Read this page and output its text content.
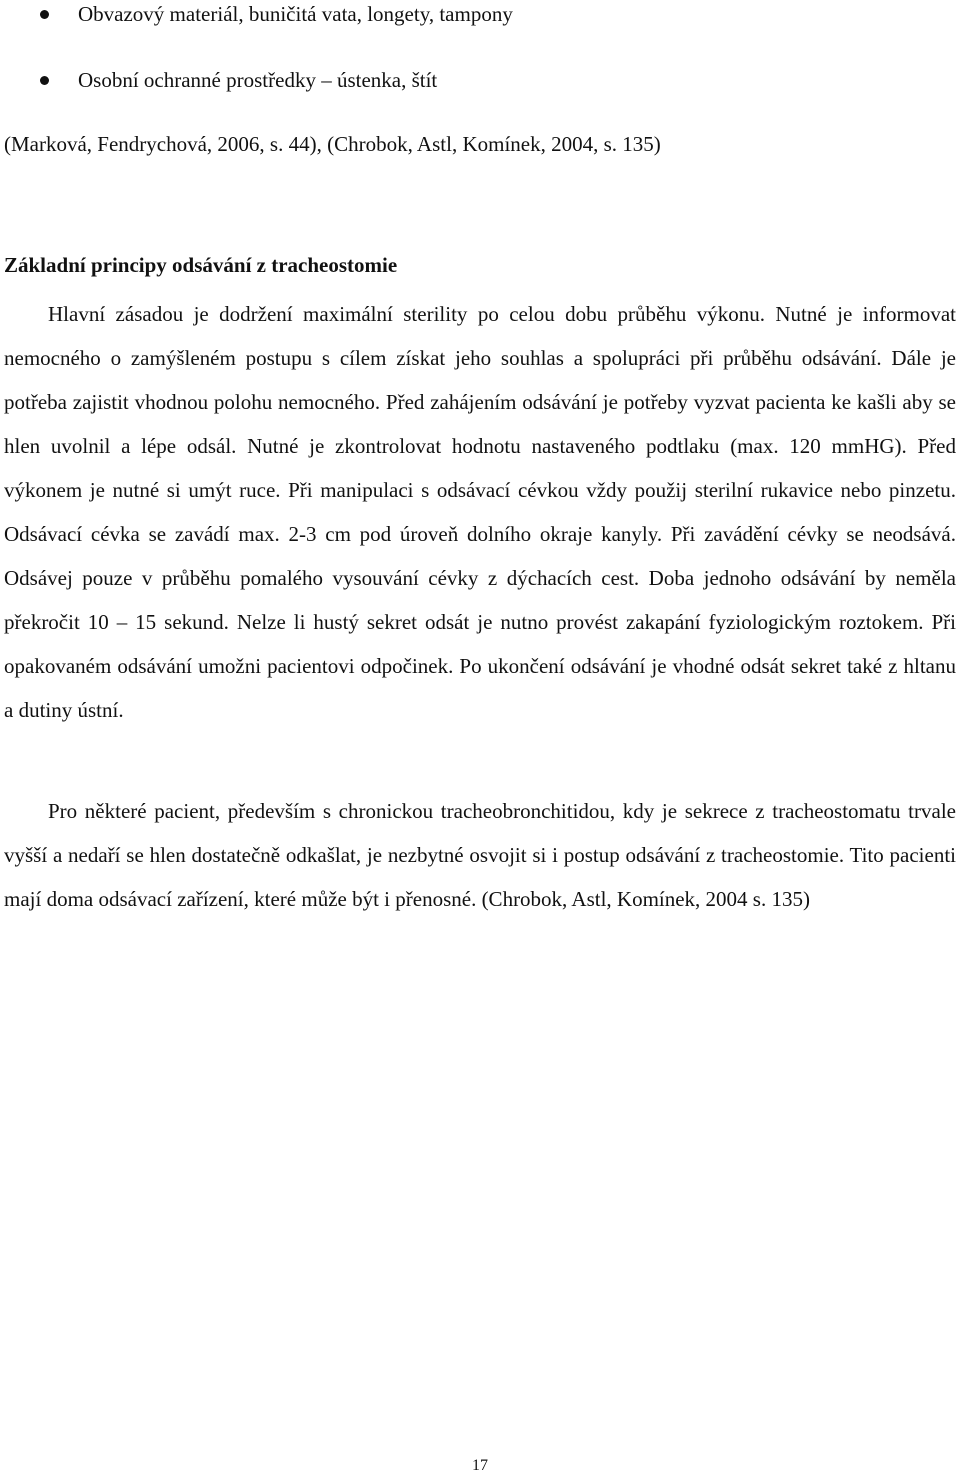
Obvazový materiál, buničitá vata, longety, tampony
Osobní ochranné prostředky – ústenka, štít
(Marková, Fendrychová, 2006, s. 44), (Chrobok, Astl, Komínek, 2004, s. 135)
Základní principy odsávání z tracheostomie

Hlavní zásadou je dodržení maximální sterility po celou dobu průběhu výkonu. Nutné je informovat nemocného o zamýšleném postupu s cílem získat jeho souhlas a spolupráci při průběhu odsávání. Dále je potřeba zajistit vhodnou polohu nemocného. Před zahájením odsávání je potřeby vyzvat pacienta ke kašli aby se hlen uvolnil a lépe odsál. Nutné je zkontrolovat hodnotu nastaveného podtlaku (max. 120 mmHG). Před výkonem je nutné si umýt ruce. Při manipulaci s odsávací cévkou vždy použij sterilní rukavice nebo pinzetu. Odsávací cévka se zavádí max. 2-3 cm pod úroveň dolního okraje kanyly. Při zavádění cévky se neodsává. Odsávej pouze v průběhu pomalého vysouvání cévky z dýchacích cest. Doba jednoho odsávání by neměla překročit 10 – 15 sekund. Nelze li hustý sekret odsát je nutno provést zakapání fyziologickým roztokem. Při opakovaném odsávání umožni pacientovi odpočinek. Po ukončení odsávání je vhodné odsát sekret také z hltanu a dutiny ústní.

Pro některé pacient, především s chronickou tracheobronchitidou, kdy je sekrece z tracheostomatu trvale vyšší a nedaří se hlen dostatečně odkašlat, je nezbytné osvojit si i postup odsávání z tracheostomie. Tito pacienti mají doma odsávací zařízení, které může být i přenosné. (Chrobok, Astl, Komínek, 2004 s. 135)

17
